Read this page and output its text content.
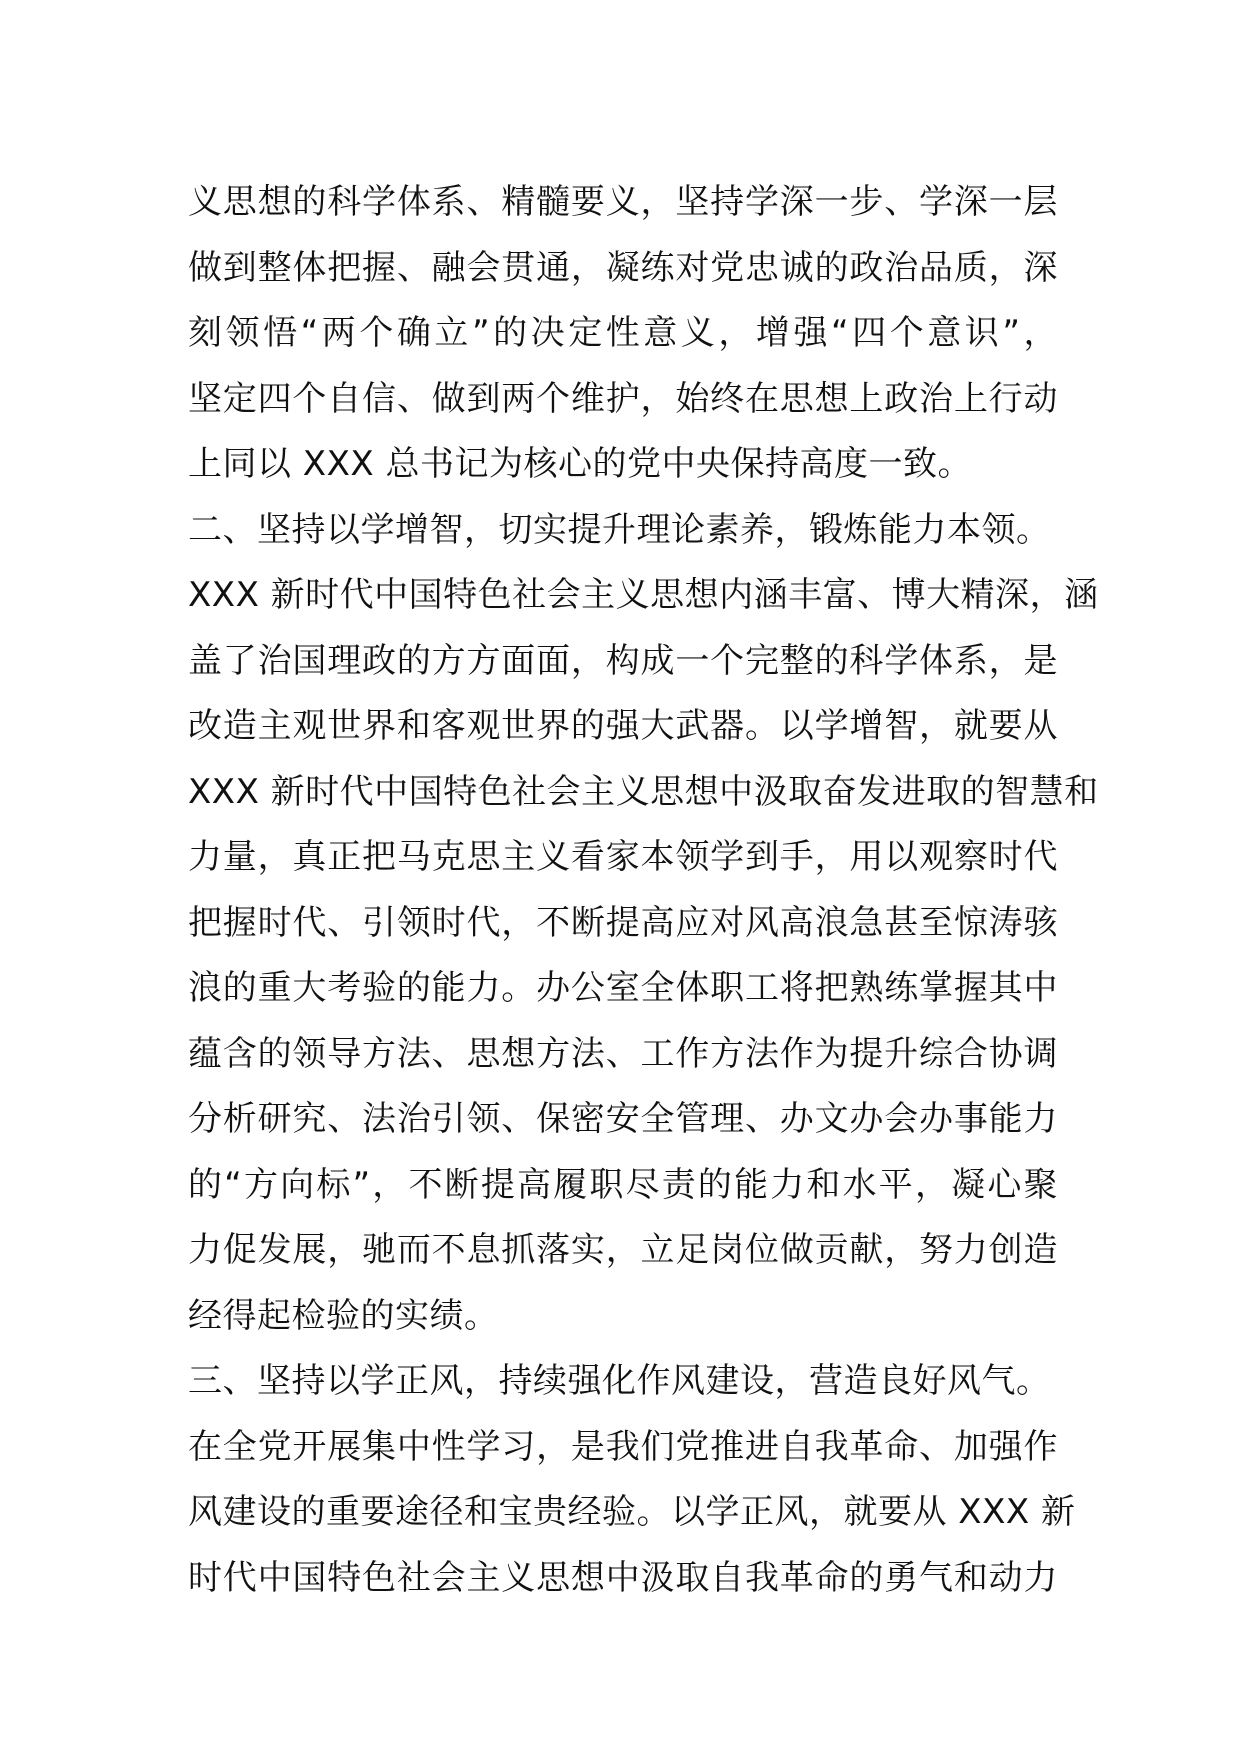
义思想的科学体系、精髓要义，坚持学深一步、学深一层
做到整体把握、融会贯通，凝练对党忠诚的政治品质，深
刻领悟“两个确立”的决定性意义，增强“四个意识”，
坚定四个自信、做到两个维护，始终在思想上政治上行动
上同以 XXX 总书记为核心的党中央保持高度一致。
二、坚持以学增智，切实提升理论素养，锻炼能力本领。
XXX 新时代中国特色社会主义思想内涵丰富、博大精深，涵
盖了治国理政的方方面面，构成一个完整的科学体系，是
改造主观世界和客观世界的强大武器。以学增智，就要从
XXX 新时代中国特色社会主义思想中汲取奋发进取的智慧和
力量，真正把马克思主义看家本领学到手，用以观察时代
把握时代、引领时代，不断提高应对风高浪急甚至惊涛骇
浪的重大考验的能力。办公室全体职工将把熟练掌握其中
蕴含的领导方法、思想方法、工作方法作为提升综合协调
分析研究、法治引领、保密安全管理、办文办会办事能力
的“方向标”，不断提高履职尽责的能力和水平，凝心聚
力促发展，驰而不息抓落实，立足岗位做贡献，努力创造
经得起检验的实绩。
三、坚持以学正风，持续强化作风建设，营造良好风气。
在全党开展集中性学习，是我们党推进自我革命、加强作
风建设的重要途径和宝贵经验。以学正风，就要从 XXX 新
时代中国特色社会主义思想中汲取自我革命的勇气和动力
